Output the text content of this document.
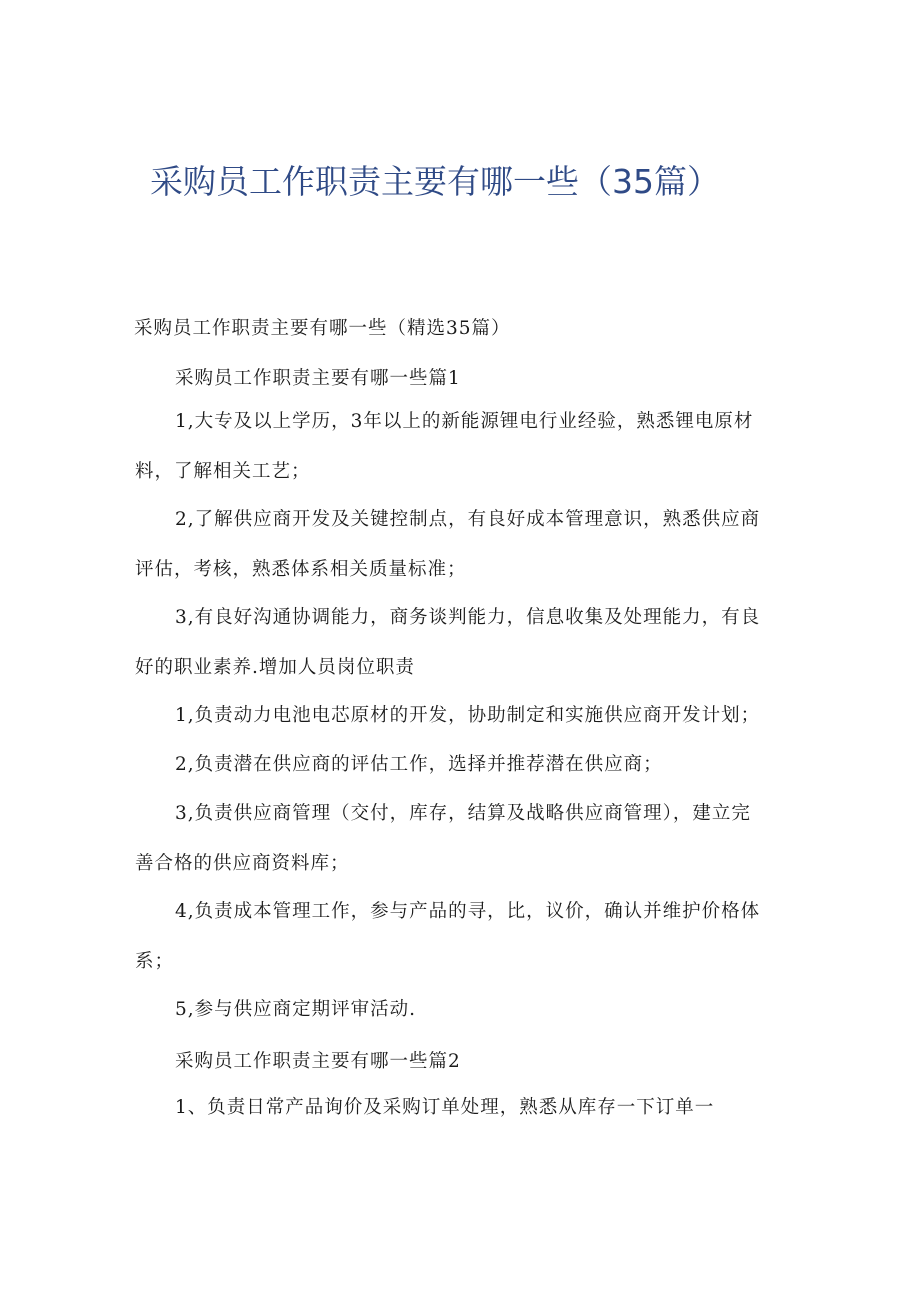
采购员工作职责主要有哪一些（35篇）

采购员工作职责主要有哪一些（精选35篇）

采购员工作职责主要有哪一些篇1

1,大专及以上学历，3年以上的新能源锂电行业经验，熟悉锂电原材
料，了解相关工艺；

2,了解供应商开发及关键控制点，有良好成本管理意识，熟悉供应商
评估，考核，熟悉体系相关质量标准；

3,有良好沟通协调能力，商务谈判能力，信息收集及处理能力，有良
好的职业素养.增加人员岗位职责

1,负责动力电池电芯原材的开发，协助制定和实施供应商开发计划；

2,负责潜在供应商的评估工作，选择并推荐潜在供应商；

3,负责供应商管理（交付，库存，结算及战略供应商管理），建立完
善合格的供应商资料库；

4,负责成本管理工作，参与产品的寻，比，议价，确认并维护价格体
系；

5,参与供应商定期评审活动.

采购员工作职责主要有哪一些篇2

1、负责日常产品询价及采购订单处理，熟悉从库存一下订单一
